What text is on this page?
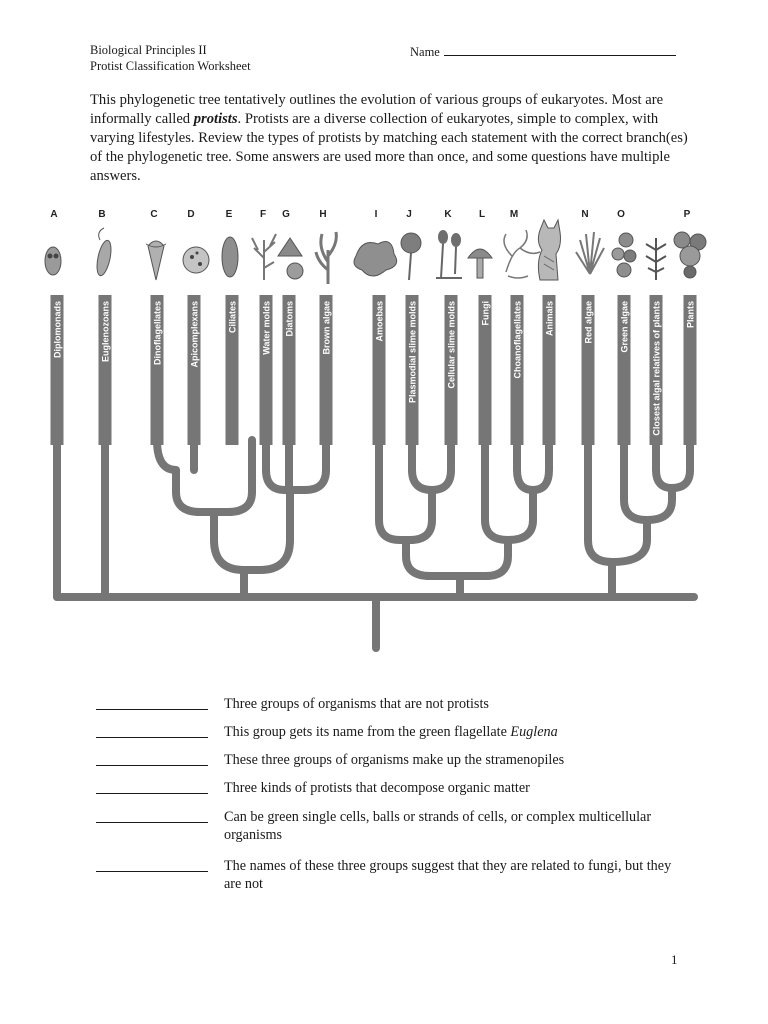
Biological Principles II
Protist Classification Worksheet
Name
This phylogenetic tree tentatively outlines the evolution of various groups of eukaryotes. Most are informally called protists. Protists are a diverse collection of eukaryotes, simple to complex, with varying lifestyles. Review the types of protists by matching each statement with the correct branch(es) of the phylogenetic tree. Some answers are used more than once, and some questions have multiple answers.
Diplomonads	Euglenozoans	Dinoflagellates	Apicomplexans	Ciliates	Water molds Diatoms	Brown algae	Amoebas	Plasmodial slime molds	Cellular slime molds	Fungi Choanoflagellates Animals	Red algae	Green algae Closest algal relatives of plants	Plants
A	B	C	D	E	F G	H	I	J	K	L M	N	O	P
Three groups of organisms that are not protists
This group gets its name from the green flagellate Euglena
These three groups of organisms make up the stramenopiles
Three kinds of protists that decompose organic matter
Can be green single cells, balls or strands of cells, or complex multicellular organisms
The names of these three groups suggest that they are related to fungi, but they are not
1
